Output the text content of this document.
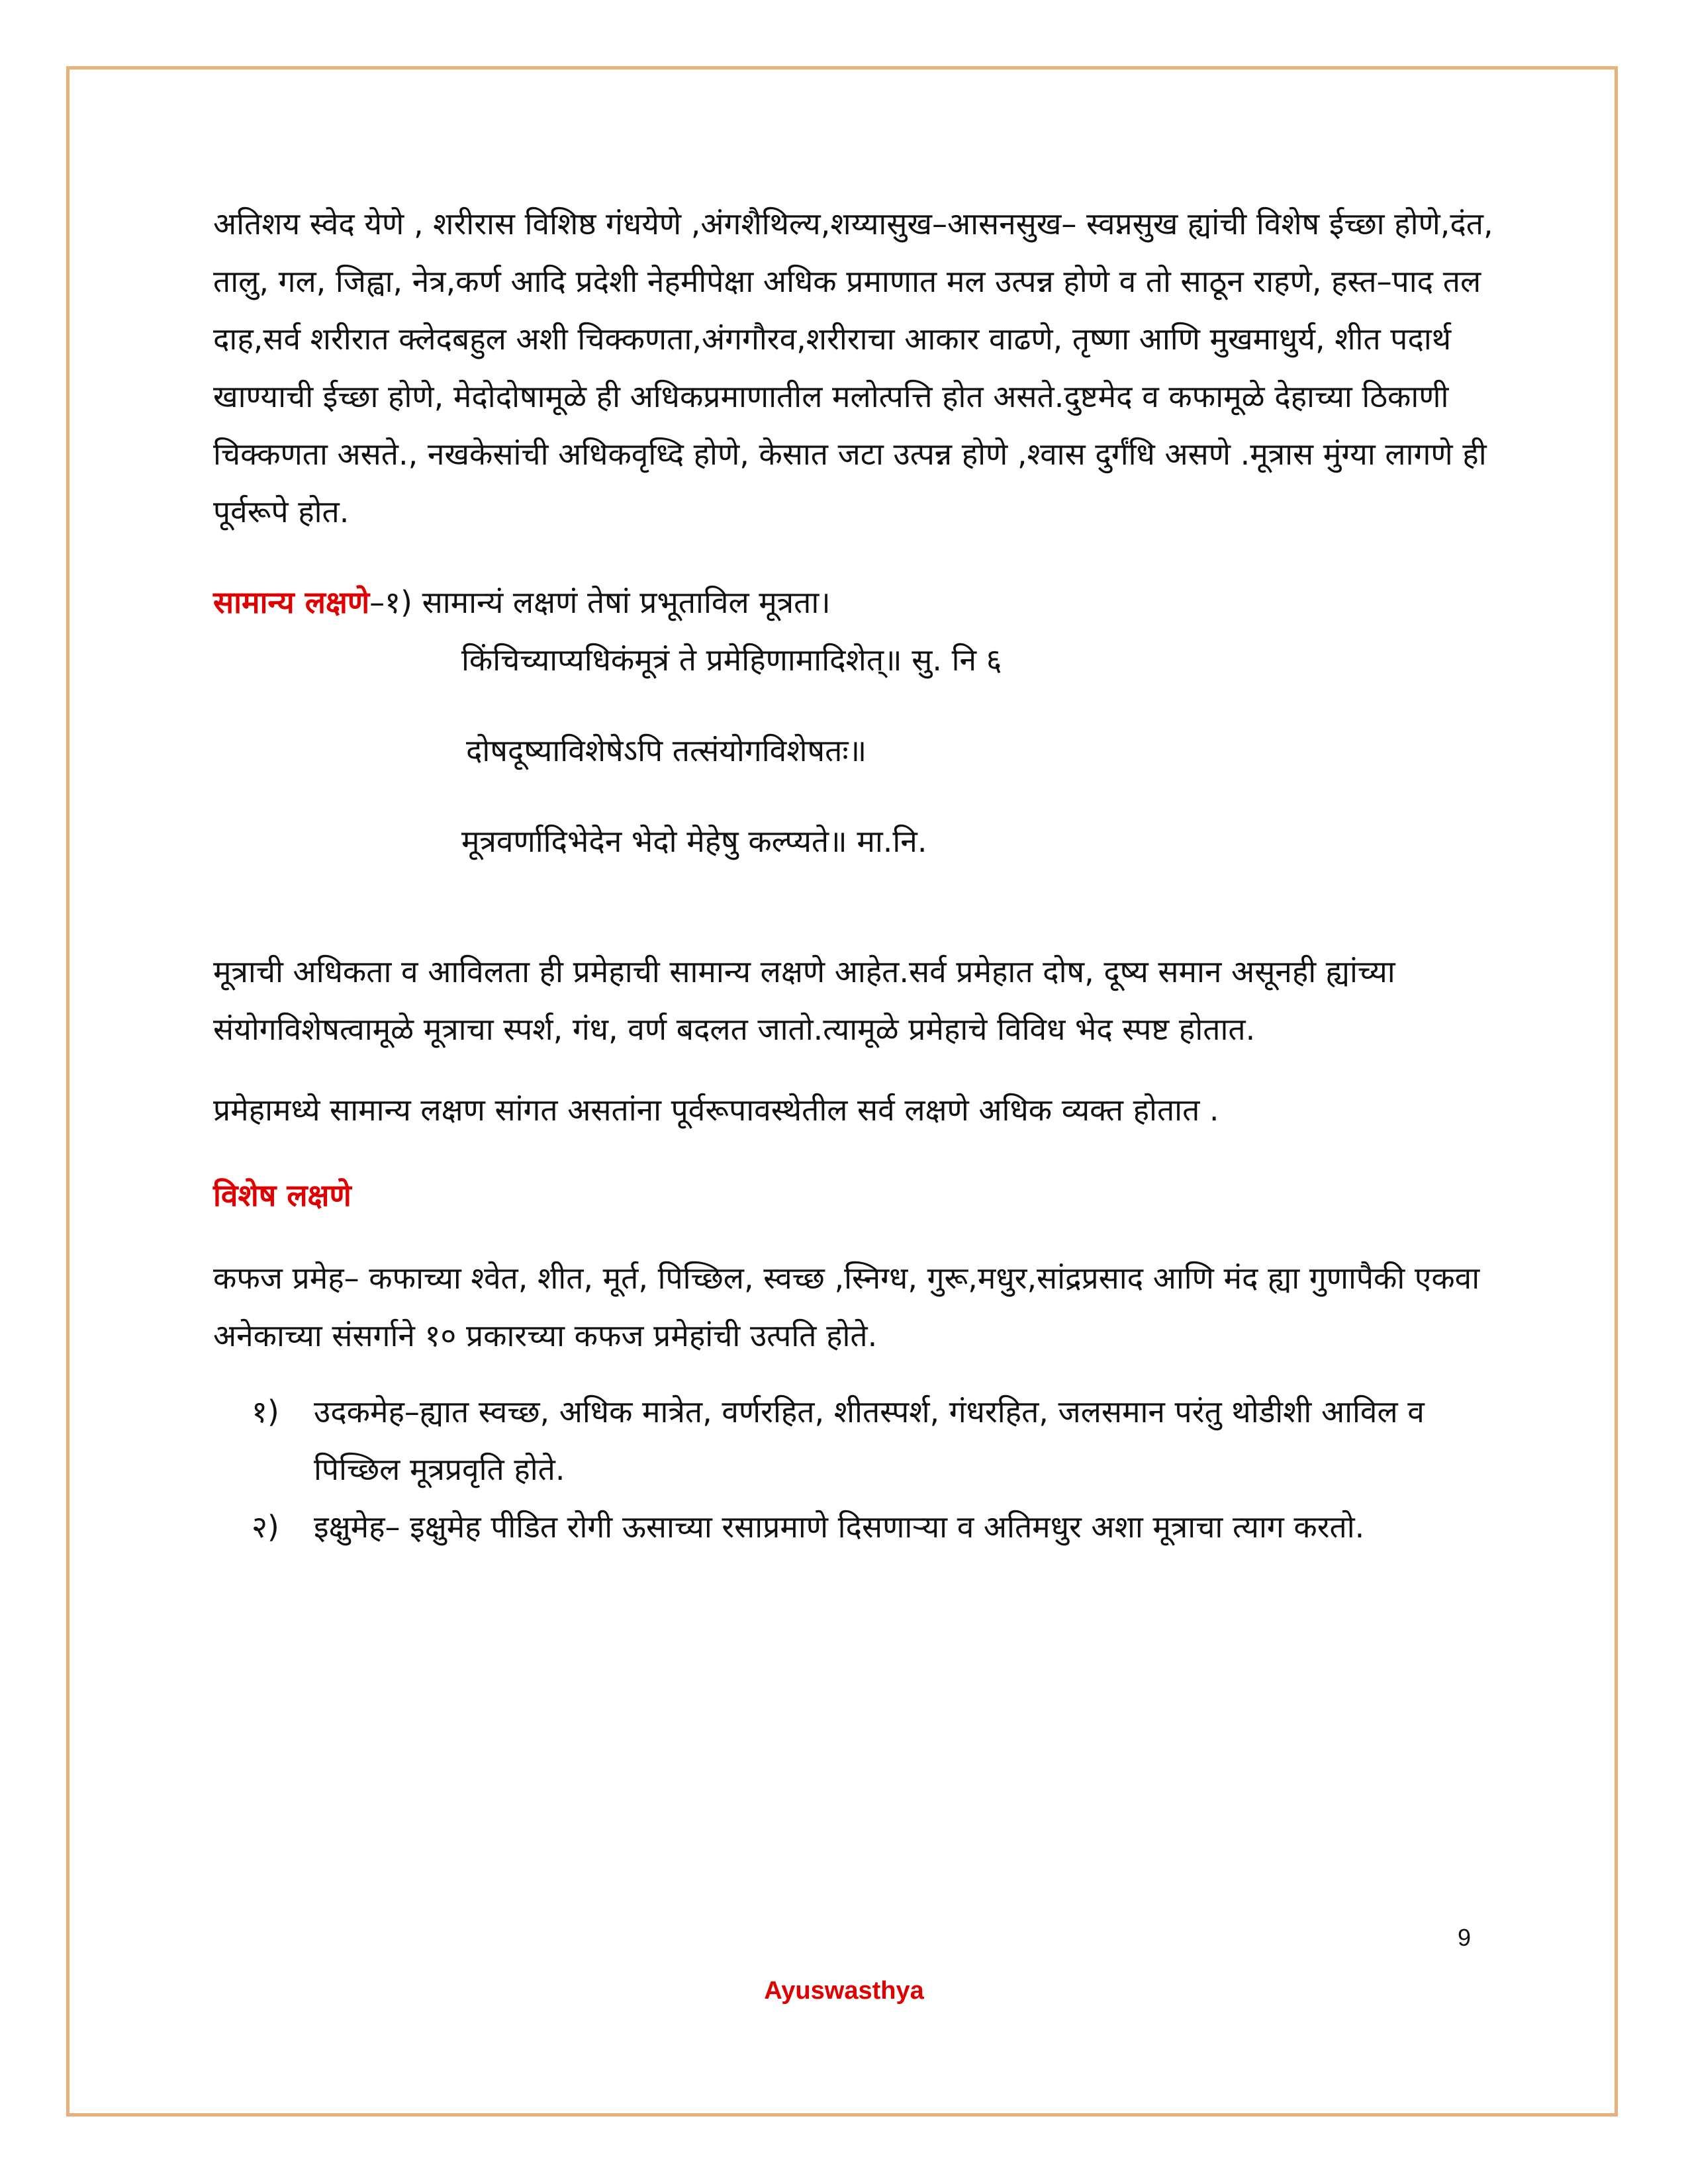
अतिशय स्वेद येणे , शरीरास विशिष्ठ गंधयेणे ,अंगशैथिल्य,शय्यासुख–आसनसुख– स्वप्नसुख ह्यांची विशेष ईच्छा होणे,दंत, तालु, गल, जिह्वा, नेत्र,कर्ण आदि प्रदेशी नेहमीपेक्षा अधिक प्रमाणात मल उत्पन्न होणे व तो साठून राहणे, हस्त–पाद तल दाह,सर्व शरीरात क्लेदबहुल अशी चिक्कणता,अंगगौरव,शरीराचा आकार वाढणे, तृष्णा आणि मुखमाधुर्य, शीत पदार्थ खाण्याची ईच्छा होणे, मेदोदोषामूळे ही अधिकप्रमाणातील मलोत्पत्ति होत असते.दुष्टमेद व कफामूळे देहाच्या ठिकाणी चिक्कणता असते., नखकेसांची अधिकवृध्दि होणे, केसात जटा उत्पन्न होणे ,श्वास दुर्गंधि असणे .मूत्रास मुंग्या लागणे ही पूर्वरूपे होत.

सामान्य लक्षणे–१) सामान्यं लक्षणं तेषां प्रभूताविल मूत्रता।

किंचिच्याप्यधिकंमूत्रं ते प्रमेहिणामादिशेत्॥ सु. नि ६

दोषदूष्याविशेषेऽपि तत्संयोगविशेषतः॥

मूत्रवर्णादिभेदेन भेदो मेहेषु कल्प्यते॥ मा.नि.

मूत्राची अधिकता व आविलता ही प्रमेहाची सामान्य लक्षणे आहेत.सर्व प्रमेहात दोष, दूष्य समान असूनही ह्यांच्या संयोगविशेषत्वामूळे मूत्राचा स्पर्श, गंध, वर्ण बदलत जातो.त्यामूळे प्रमेहाचे विविध भेद स्पष्ट होतात.

प्रमेहामध्ये सामान्य लक्षण सांगत असतांना पूर्वरूपावस्थेतील सर्व लक्षणे अधिक व्यक्त होतात .

विशेष लक्षणे

कफज प्रमेह– कफाच्या श्वेत, शीत, मूर्त, पिच्छिल, स्वच्छ ,स्निग्ध, गुरू,मधुर,सांद्रप्रसाद आणि मंद ह्या गुणापैकी एकवा अनेकाच्या संसर्गाने १० प्रकारच्या कफज प्रमेहांची उत्पति होते.

१) उदकमेह–ह्यात स्वच्छ, अधिक मात्रेत, वर्णरहित, शीतस्पर्श, गंधरहित, जलसमान परंतु थोडीशी आविल व पिच्छिल मूत्रप्रवृति होते.
२) इक्षुमेह– इक्षुमेह पीडित रोगी ऊसाच्या रसाप्रमाणे दिसणाऱ्या व अतिमधुर अशा मूत्राचा त्याग करतो.
9
Ayuswasthya
